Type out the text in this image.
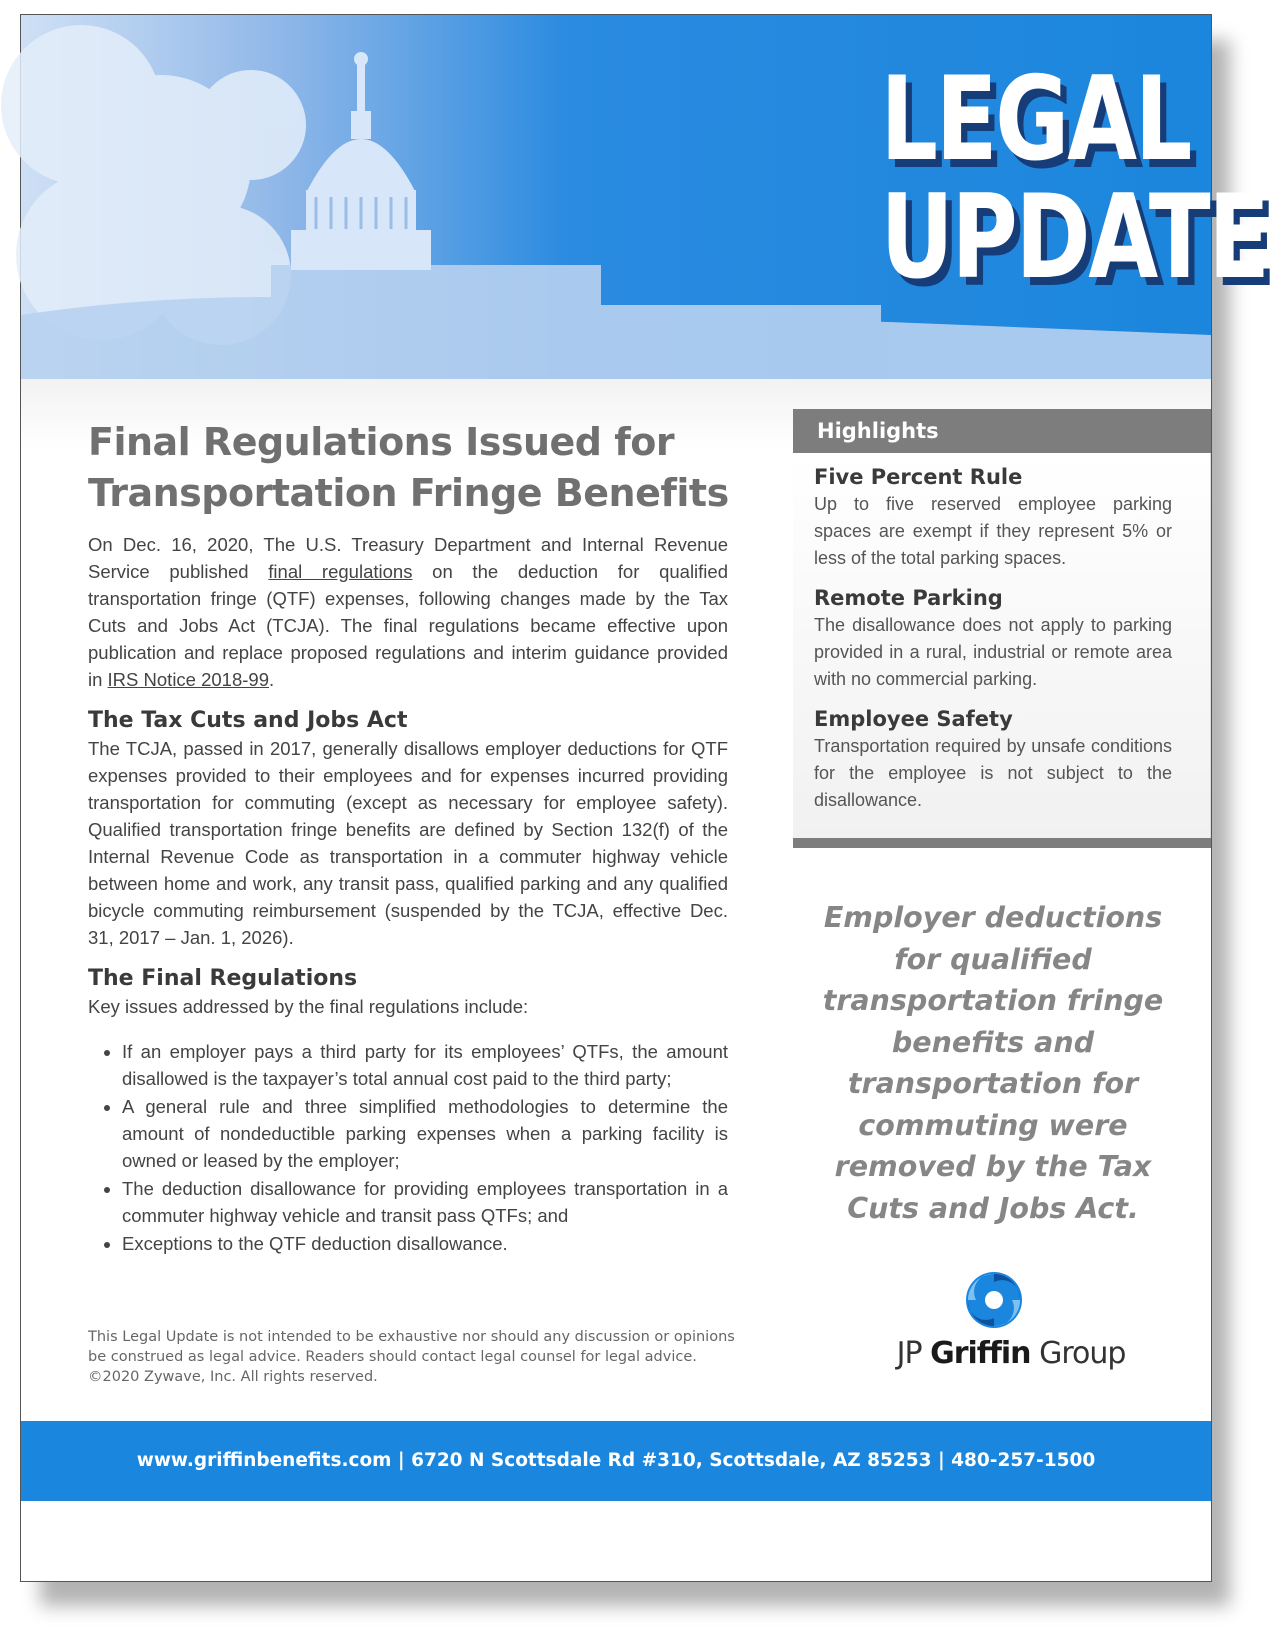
LEGAL
UPDATE
Final Regulations Issued for Transportation Fringe Benefits

On Dec. 16, 2020, The U.S. Treasury Department and Internal Revenue Service published final regulations on the deduction for qualified transportation fringe (QTF) expenses, following changes made by the Tax Cuts and Jobs Act (TCJA). The final regulations became effective upon publication and replace proposed regulations and interim guidance provided in IRS Notice 2018-99.

The Tax Cuts and Jobs Act

The TCJA, passed in 2017, generally disallows employer deductions for QTF expenses provided to their employees and for expenses incurred providing transportation for commuting (except as necessary for employee safety). Qualified transportation fringe benefits are defined by Section 132(f) of the Internal Revenue Code as transportation in a commuter highway vehicle between home and work, any transit pass, qualified parking and any qualified bicycle commuting reimbursement (suspended by the TCJA, effective Dec. 31, 2017 – Jan. 1, 2026).

The Final Regulations

Key issues addressed by the final regulations include:

• If an employer pays a third party for its employees’ QTFs, the amount disallowed is the taxpayer’s total annual cost paid to the third party;
• A general rule and three simplified methodologies to determine the amount of nondeductible parking expenses when a parking facility is owned or leased by the employer;
• The deduction disallowance for providing employees transportation in a commuter highway vehicle and transit pass QTFs; and
• Exceptions to the QTF deduction disallowance.
This Legal Update is not intended to be exhaustive nor should any discussion or opinions be construed as legal advice. Readers should contact legal counsel for legal advice. ©2020 Zywave, Inc. All rights reserved.
Highlights
Five Percent Rule
Up to five reserved employee parking spaces are exempt if they represent 5% or less of the total parking spaces.
Remote Parking
The disallowance does not apply to parking provided in a rural, industrial or remote area with no commercial parking.
Employee Safety
Transportation required by unsafe conditions for the employee is not subject to the disallowance.
Employer deductions for qualified transportation fringe benefits and transportation for commuting were removed by the Tax Cuts and Jobs Act.
JP Griffin Group
www.griffinbenefits.com | 6720 N Scottsdale Rd #310, Scottsdale, AZ 85253 | 480-257-1500
